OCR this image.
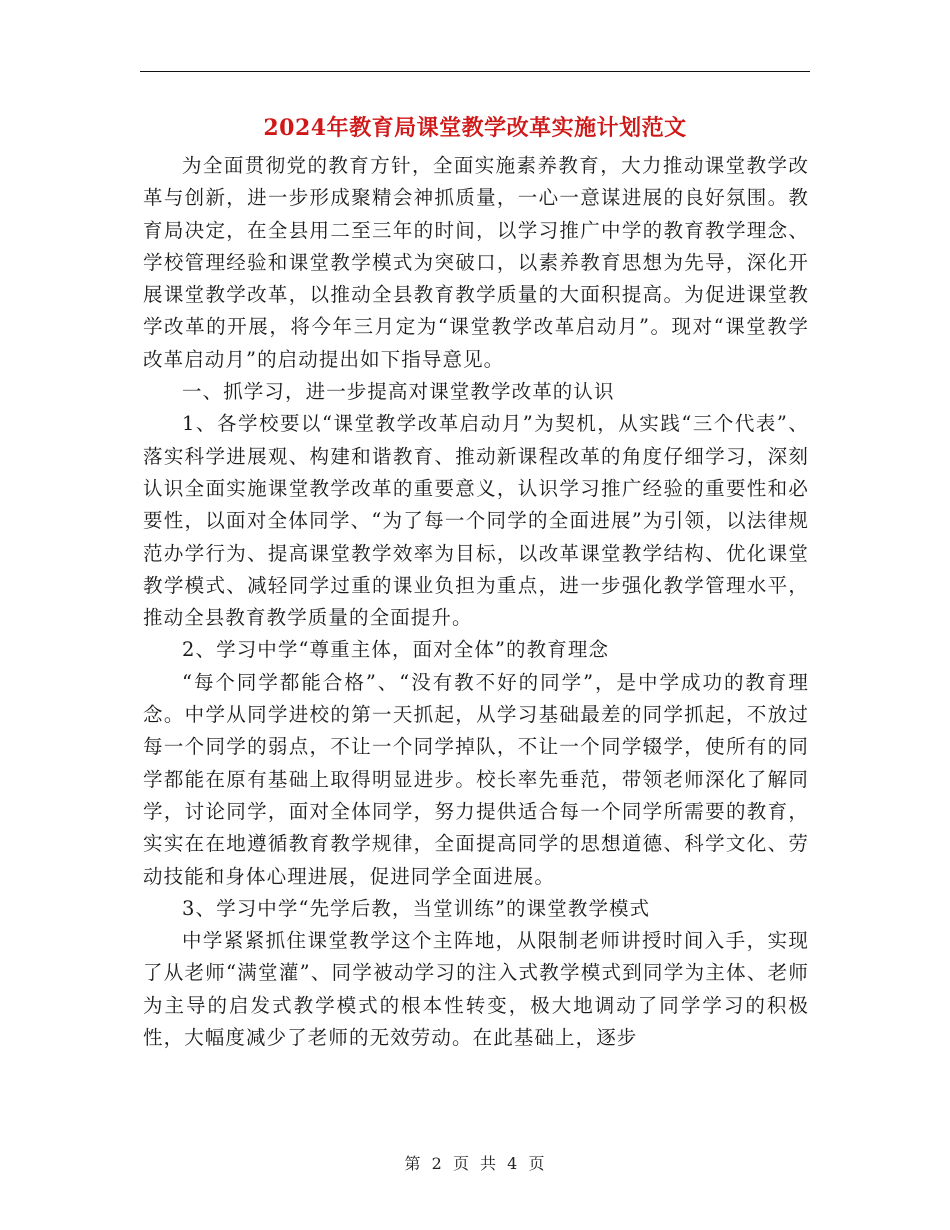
2024年教育局课堂教学改革实施计划范文

为全面贯彻党的教育方针，全面实施素养教育，大力推动课堂教学改革与创新，进一步形成聚精会神抓质量，一心一意谋进展的良好氛围。教育局决定，在全县用二至三年的时间，以学习推广中学的教育教学理念、学校管理经验和课堂教学模式为突破口，以素养教育思想为先导，深化开展课堂教学改革，以推动全县教育教学质量的大面积提高。为促进课堂教学改革的开展，将今年三月定为“课堂教学改革启动月”。现对“课堂教学改革启动月”的启动提出如下指导意见。

一、抓学习，进一步提高对课堂教学改革的认识

1、各学校要以“课堂教学改革启动月”为契机，从实践“三个代表”、落实科学进展观、构建和谐教育、推动新课程改革的角度仔细学习，深刻认识全面实施课堂教学改革的重要意义，认识学习推广经验的重要性和必要性，以面对全体同学、“为了每一个同学的全面进展”为引领，以法律规范办学行为、提高课堂教学效率为目标，以改革课堂教学结构、优化课堂教学模式、减轻同学过重的课业负担为重点，进一步强化教学管理水平，推动全县教育教学质量的全面提升。

2、学习中学“尊重主体，面对全体”的教育理念

“每个同学都能合格”、“没有教不好的同学”，是中学成功的教育理念。中学从同学进校的第一天抓起，从学习基础最差的同学抓起，不放过每一个同学的弱点，不让一个同学掉队，不让一个同学辍学，使所有的同学都能在原有基础上取得明显进步。校长率先垂范，带领老师深化了解同学，讨论同学，面对全体同学，努力提供适合每一个同学所需要的教育，实实在在地遵循教育教学规律，全面提高同学的思想道德、科学文化、劳动技能和身体心理进展，促进同学全面进展。

3、学习中学“先学后教，当堂训练”的课堂教学模式

中学紧紧抓住课堂教学这个主阵地，从限制老师讲授时间入手，实现了从老师“满堂灌”、同学被动学习的注入式教学模式到同学为主体、老师为主导的启发式教学模式的根本性转变，极大地调动了同学学习的积极性，大幅度减少了老师的无效劳动。在此基础上，逐步

第 2 页 共 4 页
